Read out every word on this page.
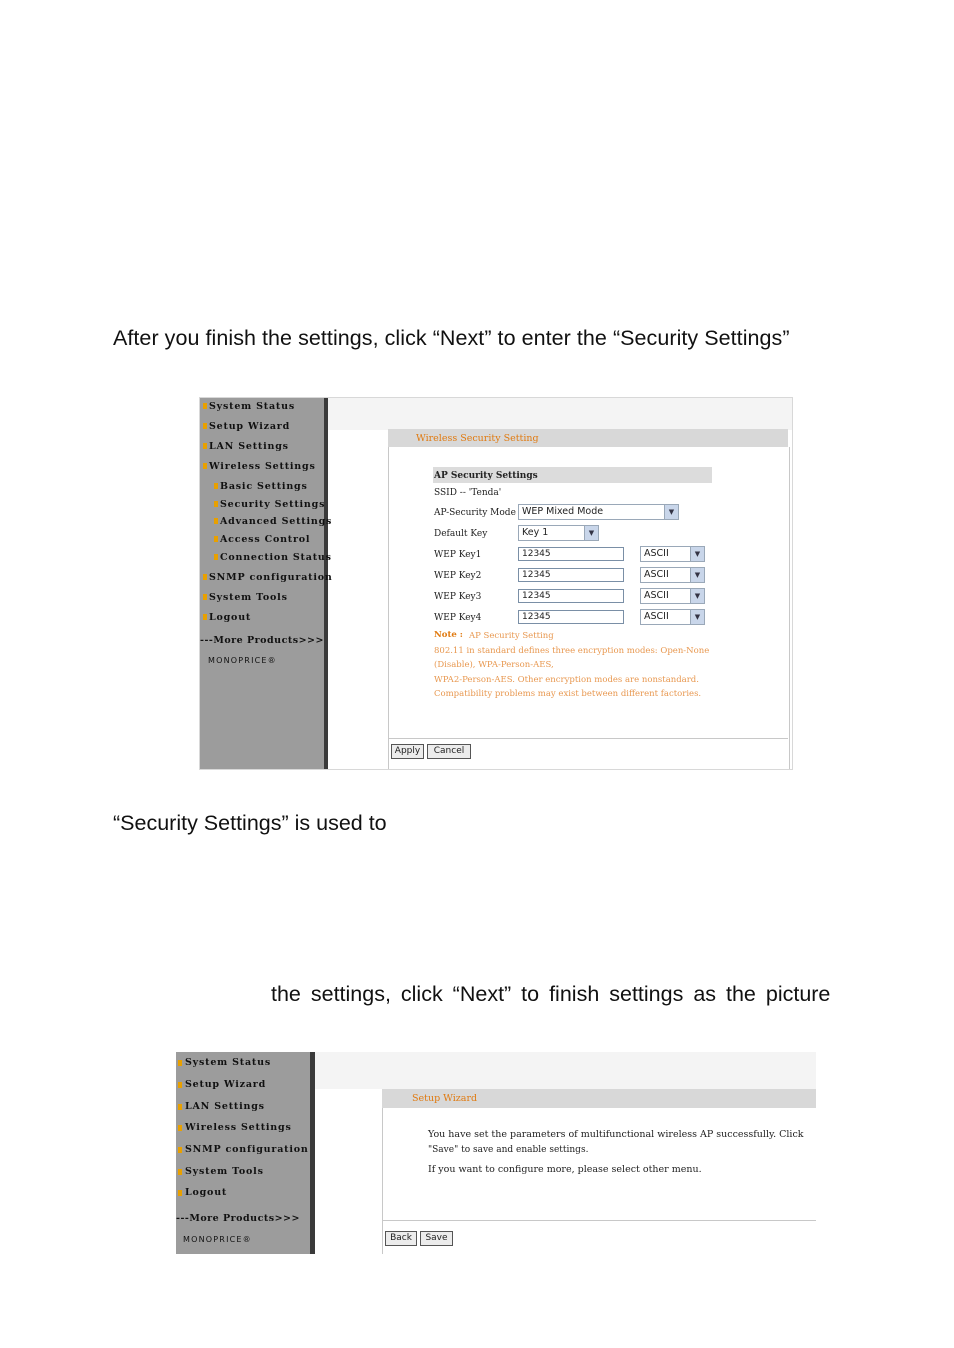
After you finish the settings, click “Next” to enter the “Security Settings”
“Security Settings” is used to
the settings, click “Next” to finish settings as the picture
System Status
Setup Wizard
LAN Settings
Wireless Settings
Basic Settings
Security Settings
Advanced Settings
Access Control
Connection Status
SNMP configuration
System Tools
Logout
---More Products>>>
MONOPRICE®
Wireless Security Setting
AP Security Settings
SSID -- 'Tenda'
AP-Security Mode WEP Mixed Mode	▼
Default Key	Key 1	▼
WEP Key1	12345	ASCII	▼
WEP Key2	12345	ASCII	▼
WEP Key3	12345	ASCII	▼
WEP Key4	12345	ASCII	▼
Note : AP Security Setting
802.11 in standard defines three encryption modes: Open-None
(Disable), WPA-Person-AES,
WPA2-Person-AES. Other encryption modes are nonstandard.
Compatibility problems may exist between different factories.
Apply	Cancel
System Status
Setup Wizard
LAN Settings
Wireless Settings
SNMP configuration
System Tools
Logout
---More Products>>>
MONOPRICE®
Setup Wizard
You have set the parameters of multifunctional wireless AP successfully. Click
"Save" to save and enable settings.
If you want to configure more, please select other menu.
Back	Save
